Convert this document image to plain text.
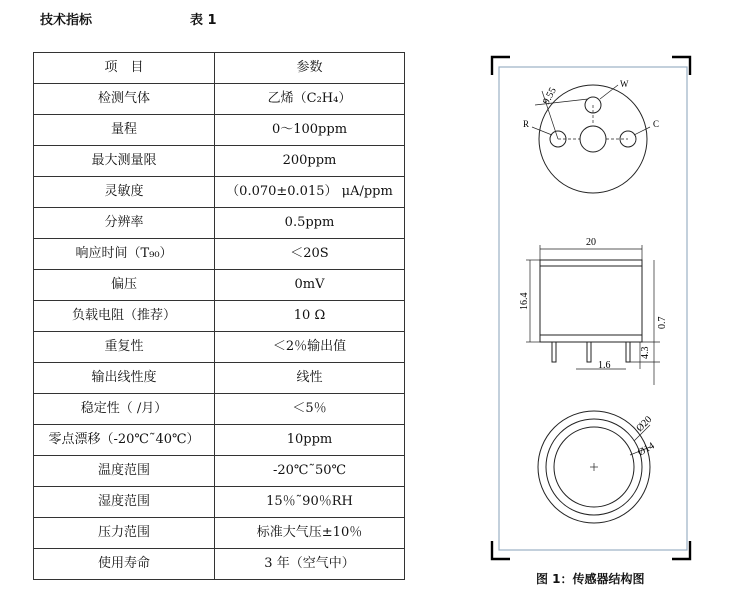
技术指标	表 1
项　目	参数
检测气体	乙烯（C₂H₄）
量程	0～100ppm
最大测量限	200ppm
灵敏度	（0.070±0.015） μA/ppm
分辨率	0.5ppm
响应时间（T₉₀）	＜20S
偏压	0mV
负载电阻（推荐）	10 Ω
重复性	＜2％输出值
输出线性度	线性
稳定性（ /月）	＜5％
零点漂移（-20℃˜40℃）	10ppm
温度范围	-20℃˜50℃
湿度范围	15％˜90％RH
压力范围	标准大气压±10％
使用寿命	3 年（空气中）
9.55
W
R	C
20
16.4
0.7
4.3
1.6
Ø20
Ø14
图 1：传感器结构图
